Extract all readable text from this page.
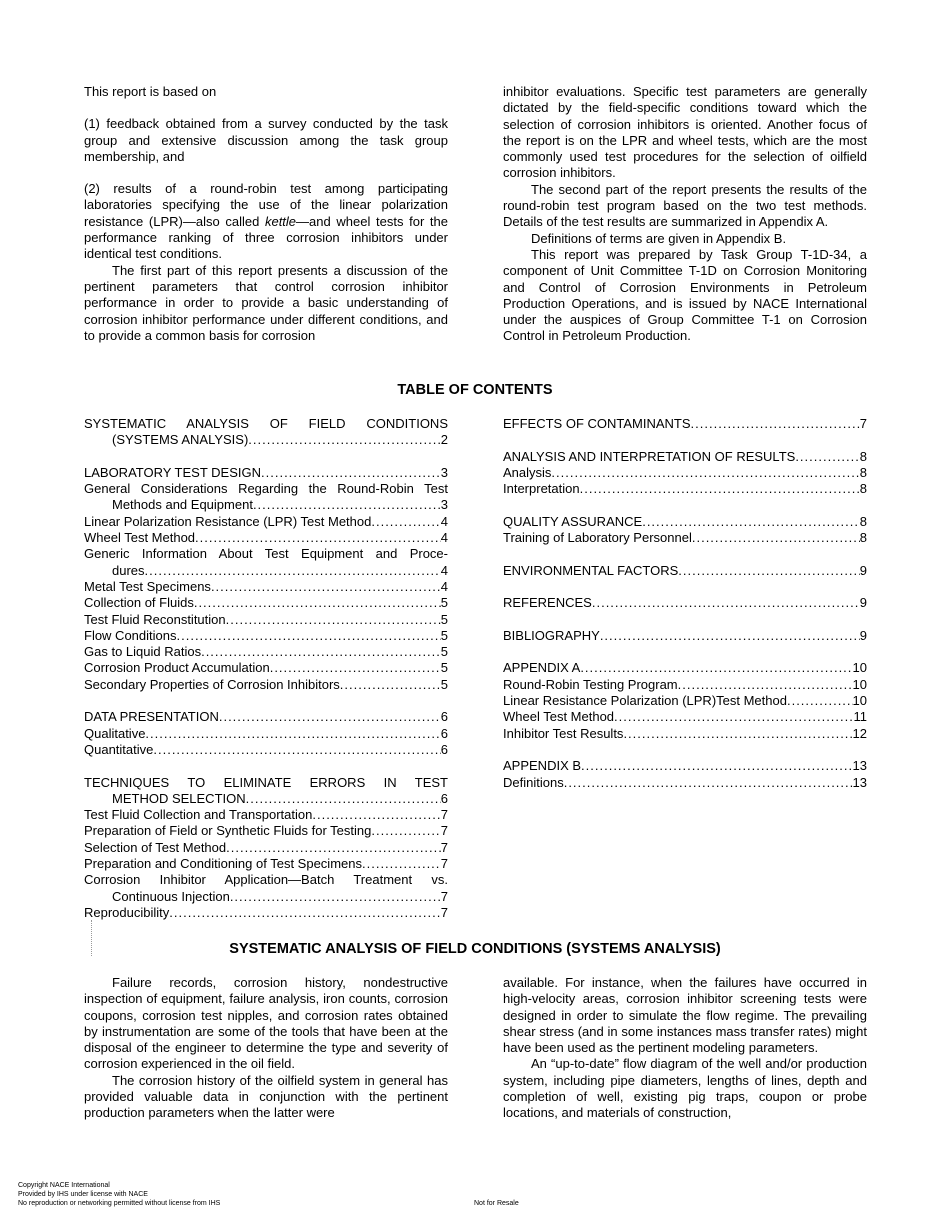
This report is based on

(1) feedback obtained from a survey conducted by the task group and extensive discussion among the task group membership, and

(2) results of a round-robin test among participating laboratories specifying the use of the linear polarization resistance (LPR)—also called kettle—and wheel tests for the performance ranking of three corrosion inhibitors under identical test conditions.

The first part of this report presents a discussion of the pertinent parameters that control corrosion inhibitor performance in order to provide a basic understanding of corrosion inhibitor performance under different conditions, and to provide a common basis for corrosion

inhibitor evaluations. Specific test parameters are generally dictated by the field-specific conditions toward which the selection of corrosion inhibitors is oriented. Another focus of the report is on the LPR and wheel tests, which are the most commonly used test procedures for the selection of oilfield corrosion inhibitors.

The second part of the report presents the results of the round-robin test program based on the two test methods. Details of the test results are summarized in Appendix A.

Definitions of terms are given in Appendix B.

This report was prepared by Task Group T-1D-34, a component of Unit Committee T-1D on Corrosion Monitoring and Control of Corrosion Environments in Petroleum Production Operations, and is issued by NACE International under the auspices of Group Committee T-1 on Corrosion Control in Petroleum Production.

TABLE OF CONTENTS
SYSTEMATIC ANALYSIS OF FIELD CONDITIONS
(SYSTEMS ANALYSIS) .....	2
LABORATORY TEST DESIGN .....	3
General Considerations Regarding the Round-Robin Test
Methods and Equipment .....	3
Linear Polarization Resistance (LPR) Test Method .....	4
Wheel Test Method .....	4
Generic Information About Test Equipment and Proce-
dures .....	4
Metal Test Specimens .....	4
Collection of Fluids .....	5
Test Fluid Reconstitution .....	5
Flow Conditions .....	5
Gas to Liquid Ratios .....	5
Corrosion Product Accumulation .....	5
Secondary Properties of Corrosion Inhibitors .....	5
DATA PRESENTATION .....	6
Qualitative .....	6
Quantitative .....	6
TECHNIQUES TO ELIMINATE ERRORS IN TEST
METHOD SELECTION .....	6
Test Fluid Collection and Transportation .....	7
Preparation of Field or Synthetic Fluids for Testing .....	7
Selection of Test Method .....	7
Preparation and Conditioning of Test Specimens .....	7
Corrosion Inhibitor Application—Batch Treatment vs.
Continuous Injection .....	7
Reproducibility .....	7
EFFECTS OF CONTAMINANTS .....	7
ANALYSIS AND INTERPRETATION OF RESULTS .....	8
Analysis .....	8
Interpretation .....	8
QUALITY ASSURANCE .....	8
Training of Laboratory Personnel .....	8
ENVIRONMENTAL FACTORS .....	9
REFERENCES .....	9
BIBLIOGRAPHY .....	9
APPENDIX A .....	10
Round-Robin Testing Program .....	10
Linear Resistance Polarization (LPR)Test Method .....	10
Wheel Test Method .....	11
Inhibitor Test Results .....	12
APPENDIX B .....	13
Definitions .....	13
SYSTEMATIC ANALYSIS OF FIELD CONDITIONS (SYSTEMS ANALYSIS)

Failure records, corrosion history, nondestructive inspection of equipment, failure analysis, iron counts, corrosion coupons, corrosion test nipples, and corrosion rates obtained by instrumentation are some of the tools that have been at the disposal of the engineer to determine the type and severity of corrosion experienced in the oil field.

The corrosion history of the oilfield system in general has provided valuable data in conjunction with the pertinent production parameters when the latter were

available. For instance, when the failures have occurred in high-velocity areas, corrosion inhibitor screening tests were designed in order to simulate the flow regime. The prevailing shear stress (and in some instances mass transfer rates) might have been used as the pertinent modeling parameters.

An “up-to-date” flow diagram of the well and/or production system, including pipe diameters, lengths of lines, depth and completion of well, existing pig traps, coupon or probe locations, and materials of construction,

Copyright NACE International
Provided by IHS under license with NACE
No reproduction or networking permitted without license from IHS	Not for Resale
